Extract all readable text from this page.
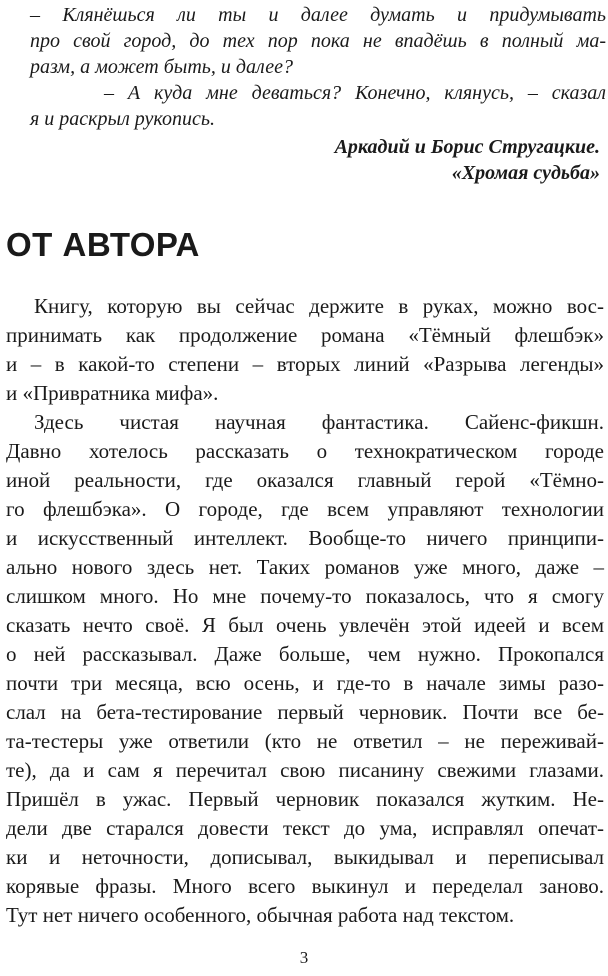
– Клянёшься ли ты и далее думать и придумывать

про свой город, до тех пор пока не впадёшь в полный ма-

разм, а может быть, и далее?

– А куда мне деваться? Конечно, клянусь, – сказал

я и раскрыл рукопись.

Аркадий и Борис Стругацкие.
«Хромая судьба»
ОТ АВТОРА

Книгу, которую вы сейчас держите в руках, можно вос-

принимать как продолжение романа «Тёмный флешбэк»

и – в какой-то степени – вторых линий «Разрыва легенды»

и «Привратника мифа».

Здесь чистая научная фантастика. Сайенс-фикшн.

Давно хотелось рассказать о технократическом городе

иной реальности, где оказался главный герой «Тёмно-

го флешбэка». О городе, где всем управляют технологии

и искусственный интеллект. Вообще-то ничего принципи-

ально нового здесь нет. Таких романов уже много, даже –

слишком много. Но мне почему-то показалось, что я смогу

сказать нечто своё. Я был очень увлечён этой идеей и всем

о ней рассказывал. Даже больше, чем нужно. Прокопался

почти три месяца, всю осень, и где-то в начале зимы разо-

слал на бета-тестирование первый черновик. Почти все бе-

та-тестеры уже ответили (кто не ответил – не переживай-

те), да и сам я перечитал свою писанину свежими глазами.

Пришёл в ужас. Первый черновик показался жутким. Не-

дели две старался довести текст до ума, исправлял опечат-

ки и неточности, дописывал, выкидывал и переписывал

корявые фразы. Много всего выкинул и переделал заново.

Тут нет ничего особенного, обычная работа над текстом.

3
